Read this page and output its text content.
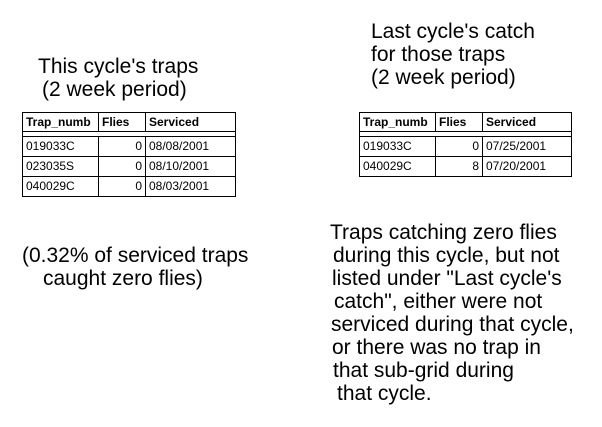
This cycle's traps
(2 week period)

Last cycle's catch
for those traps
(2 week period)

Trap_numb Flies	Serviced
019033C	0 08/08/2001
023035S	0 08/10/2001
040029C	0 08/03/2001
Trap_numb Flies	Serviced
019033C	0 07/25/2001
040029C	8 07/20/2001

(0.32% of serviced traps
caught zero flies)

Traps catching zero flies
during this cycle, but not
listed under "Last cycle's
catch", either were not
serviced during that cycle,
or there was no trap in
that sub-grid during
that cycle.
